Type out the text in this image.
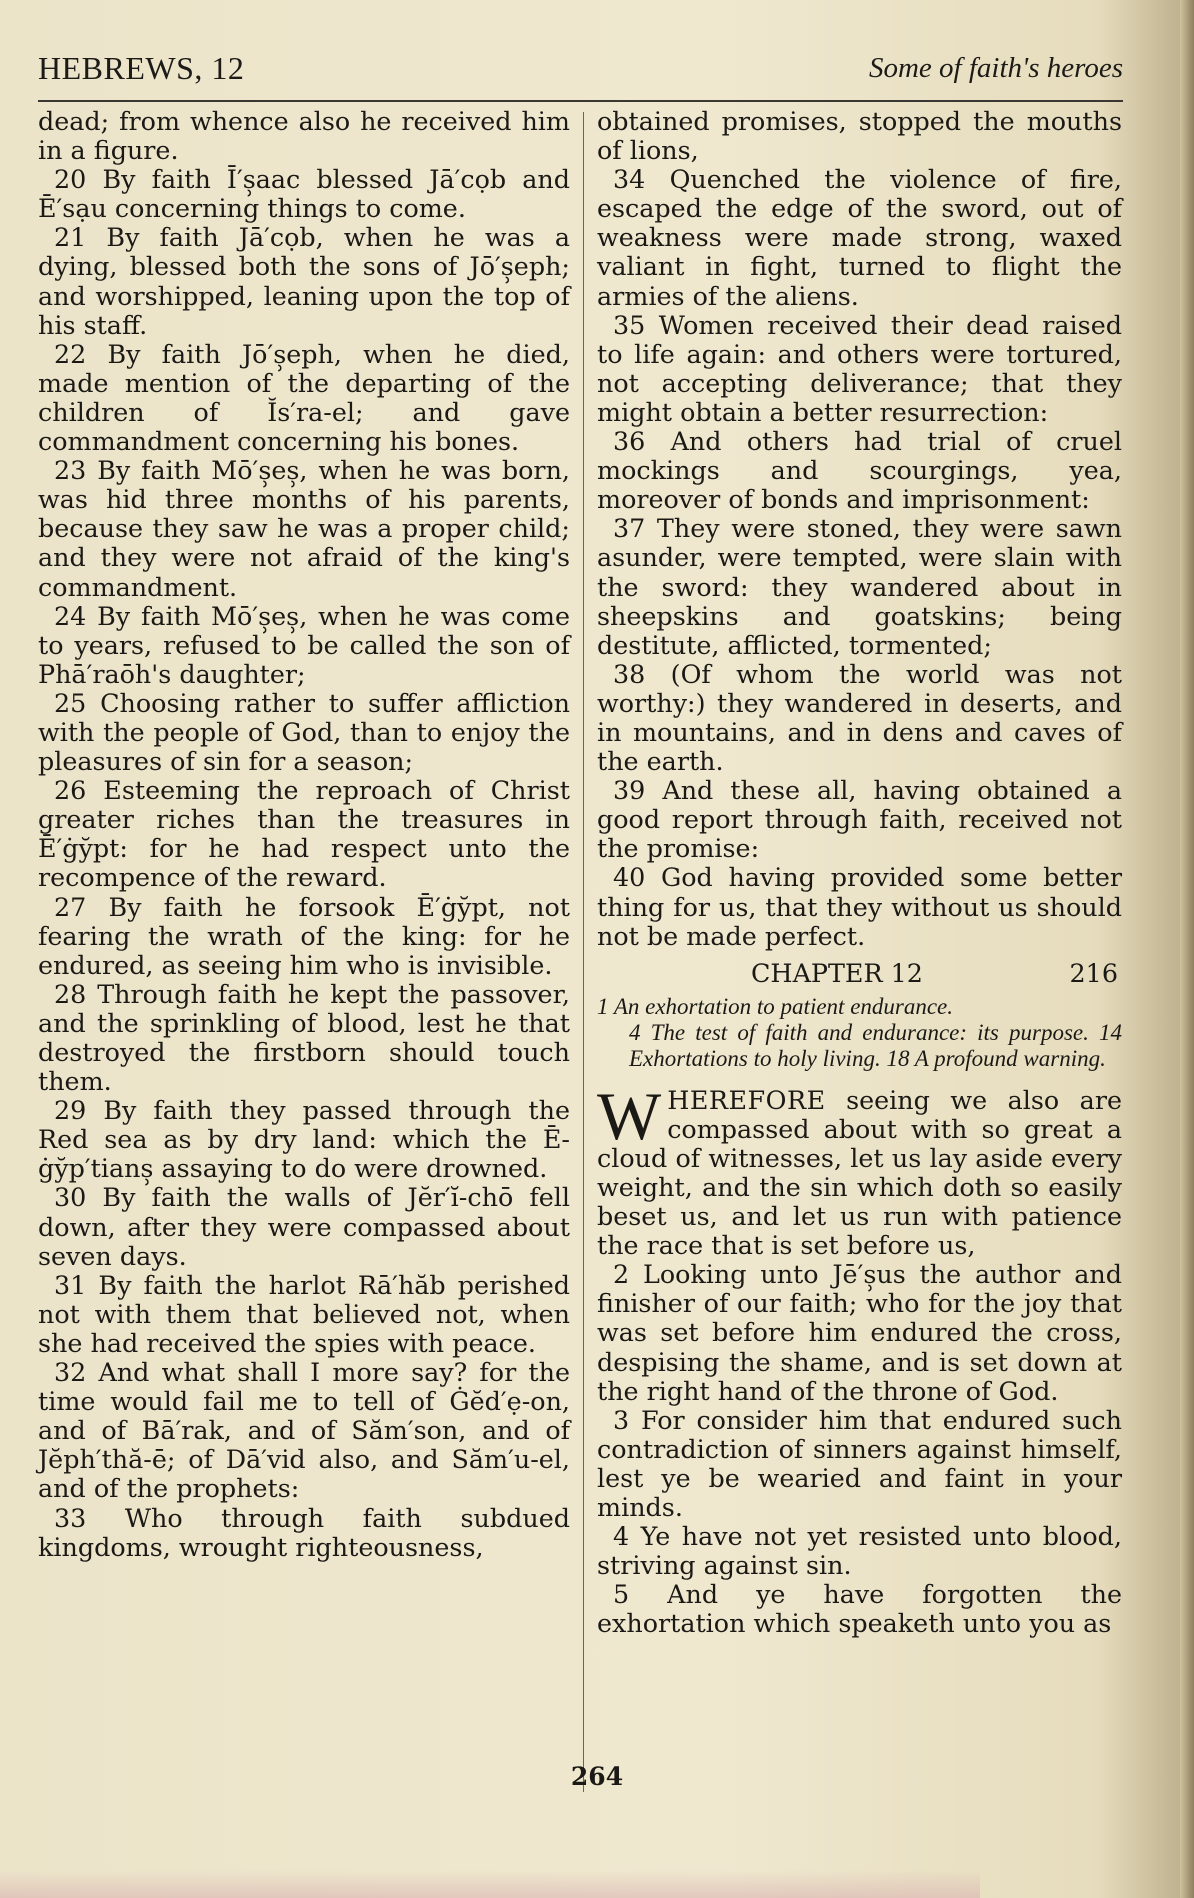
HEBREWS, 12	Some of faith's heroes

dead; from whence also he received him in a figure.

20 By faith Ī′s̹aac blessed Jā′cọb and Ē′sạu concerning things to come.

21 By faith Jā′cọb, when he was a dying, blessed both the sons of Jō′s̹eph; and worshipped, leaning upon the top of his staff.

22 By faith Jō′s̹eph, when he died, made mention of the departing of the children of Ĭs′ra-el; and gave commandment concerning his bones.

23 By faith Mō′s̹es̹, when he was born, was hid three months of his parents, because they saw he was a proper child; and they were not afraid of the king's commandment.

24 By faith Mō′s̹es̹, when he was come to years, refused to be called the son of Phā′raōh's daughter;

25 Choosing rather to suffer affliction with the people of God, than to enjoy the pleasures of sin for a season;

26 Esteeming the reproach of Christ greater riches than the treasures in Ē′ġy̆pt: for he had respect unto the recompence of the reward.

27 By faith he forsook Ē′ġy̆pt, not fearing the wrath of the king: for he endured, as seeing him who is invisible.

28 Through faith he kept the passover, and the sprinkling of blood, lest he that destroyed the firstborn should touch them.

29 By faith they passed through the Red sea as by dry land: which the Ē-ġy̆p′tians̹ assaying to do were drowned.

30 By faith the walls of Jĕr′ĭ-chō fell down, after they were compassed about seven days.

31 By faith the harlot Rā′hăb perished not with them that believed not, when she had received the spies with peace.

32 And what shall I more say? for the time would fail me to tell of Ġĕd′ẹ-on, and of Bā′rak, and of Săm′son, and of Jĕph′thă-ē; of Dā′vid also, and Săm′u-el, and of the prophets:

33 Who through faith subdued kingdoms, wrought righteousness,

obtained promises, stopped the mouths of lions,

34 Quenched the violence of fire, escaped the edge of the sword, out of weakness were made strong, waxed valiant in fight, turned to flight the armies of the aliens.

35 Women received their dead raised to life again: and others were tortured, not accepting deliverance; that they might obtain a better resurrection:

36 And others had trial of cruel mockings and scourgings, yea, moreover of bonds and imprisonment:

37 They were stoned, they were sawn asunder, were tempted, were slain with the sword: they wandered about in sheepskins and goatskins; being destitute, afflicted, tormented;

38 (Of whom the world was not worthy:) they wandered in deserts, and in mountains, and in dens and caves of the earth.

39 And these all, having obtained a good report through faith, received not the promise:

40 God having provided some better thing for us, that they without us should not be made perfect.

CHAPTER 12	216

1 An exhortation to patient endurance.

4 The test of faith and endurance: its purpose. 14 Exhortations to holy living. 18 A profound warning.

WHEREFORE seeing we also are compassed about with so great a cloud of witnesses, let us lay aside every weight, and the sin which doth so easily beset us, and let us run with patience the race that is set before us,

2 Looking unto Jē′s̹us the author and finisher of our faith; who for the joy that was set before him endured the cross, despising the shame, and is set down at the right hand of the throne of God.

3 For consider him that endured such contradiction of sinners against himself, lest ye be wearied and faint in your minds.

4 Ye have not yet resisted unto blood, striving against sin.

5 And ye have forgotten the exhortation which speaketh unto you as

264
